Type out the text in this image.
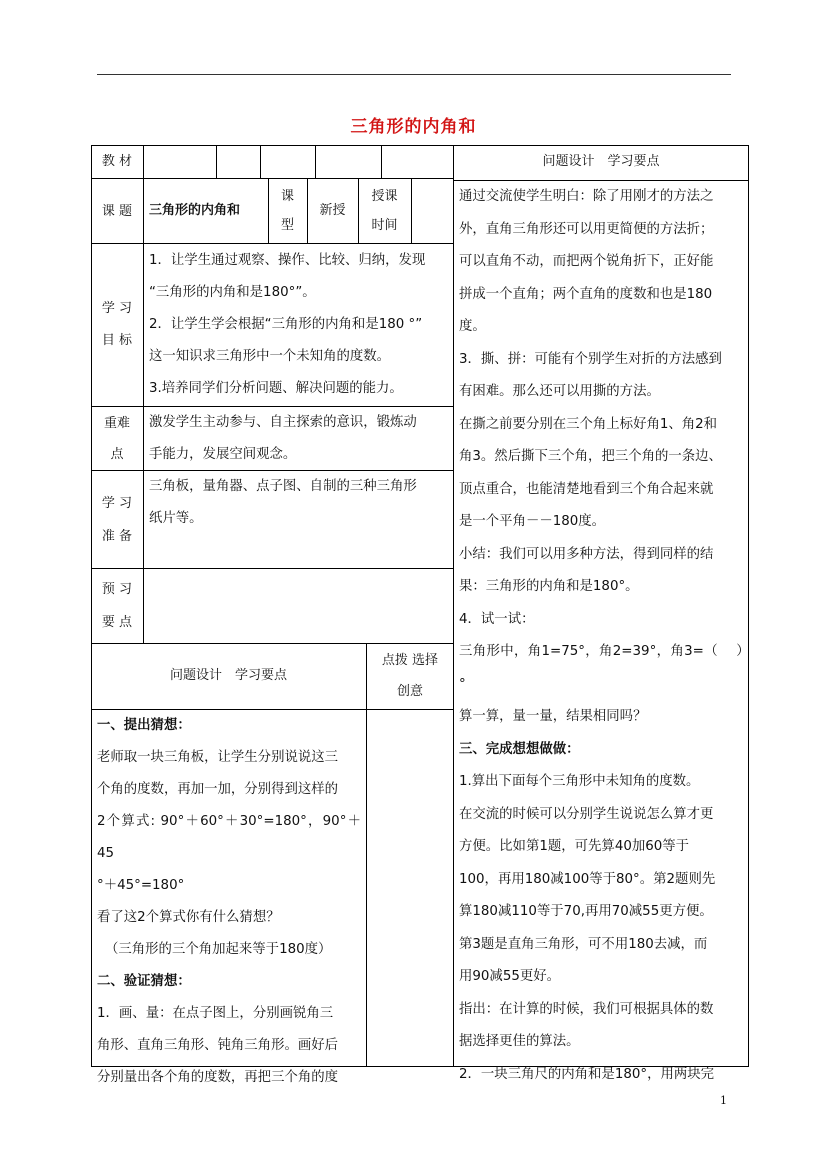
三角形的内角和
教 材	问题设计　学习要点
课 题 三角形的内角和
课
型
新授
授课
时间
学 习
目 标

1．让学生通过观察、操作、比较、归纳，发现

“三角形的内角和是180°”。

2．让学生学会根据“三角形的内角和是180 °”

这一知识求三角形中一个未知角的度数。

3.培养同学们分析问题、解决问题的能力。

重难
点

激发学生主动参与、自主探索的意识，锻炼动

手能力，发展空间观念。

学 习
准 备

三角板，量角器、点子图、自制的三种三角形

纸片等。

预 习
要 点
问题设计　学习要点
点拨 选择
创意

一、提出猜想：

老师取一块三角板，让学生分别说说这三

个角的度数，再加一加，分别得到这样的

2个算式: 90°＋60°＋30°=180°，90°＋45

°＋45°=180°

看了这2个算式你有什么猜想？

（三角形的三个角加起来等于180度）

二、验证猜想：

1．画、量：在点子图上，分别画锐角三

角形、直角三角形、钝角三角形。画好后

分别量出各个角的度数，再把三个角的度

通过交流使学生明白：除了用刚才的方法之

外，直角三角形还可以用更简便的方法折；

可以直角不动，而把两个锐角折下，正好能

拼成一个直角；两个直角的度数和也是180

度。

3．撕、拼：可能有个别学生对折的方法感到

有困难。那么还可以用撕的方法。

在撕之前要分别在三个角上标好角1、角2和

角3。然后撕下三个角，把三个角的一条边、

顶点重合，也能清楚地看到三个角合起来就

是一个平角－－180度。

小结：我们可以用多种方法，得到同样的结

果：三角形的内角和是180°。

4．试一试：

三角形中，角1=75°，角2=39°，角3=（　 ）°

算一算，量一量，结果相同吗？

三、完成想想做做：

1.算出下面每个三角形中未知角的度数。

在交流的时候可以分别学生说说怎么算才更

方便。比如第1题，可先算40加60等于

100，再用180减100等于80°。第2题则先

算180减110等于70,再用70减55更方便。

第3题是直角三角形，可不用180去减，而

用90减55更好。

指出：在计算的时候，我们可根据具体的数

据选择更佳的算法。

2．一块三角尺的内角和是180°，用两块完

1
